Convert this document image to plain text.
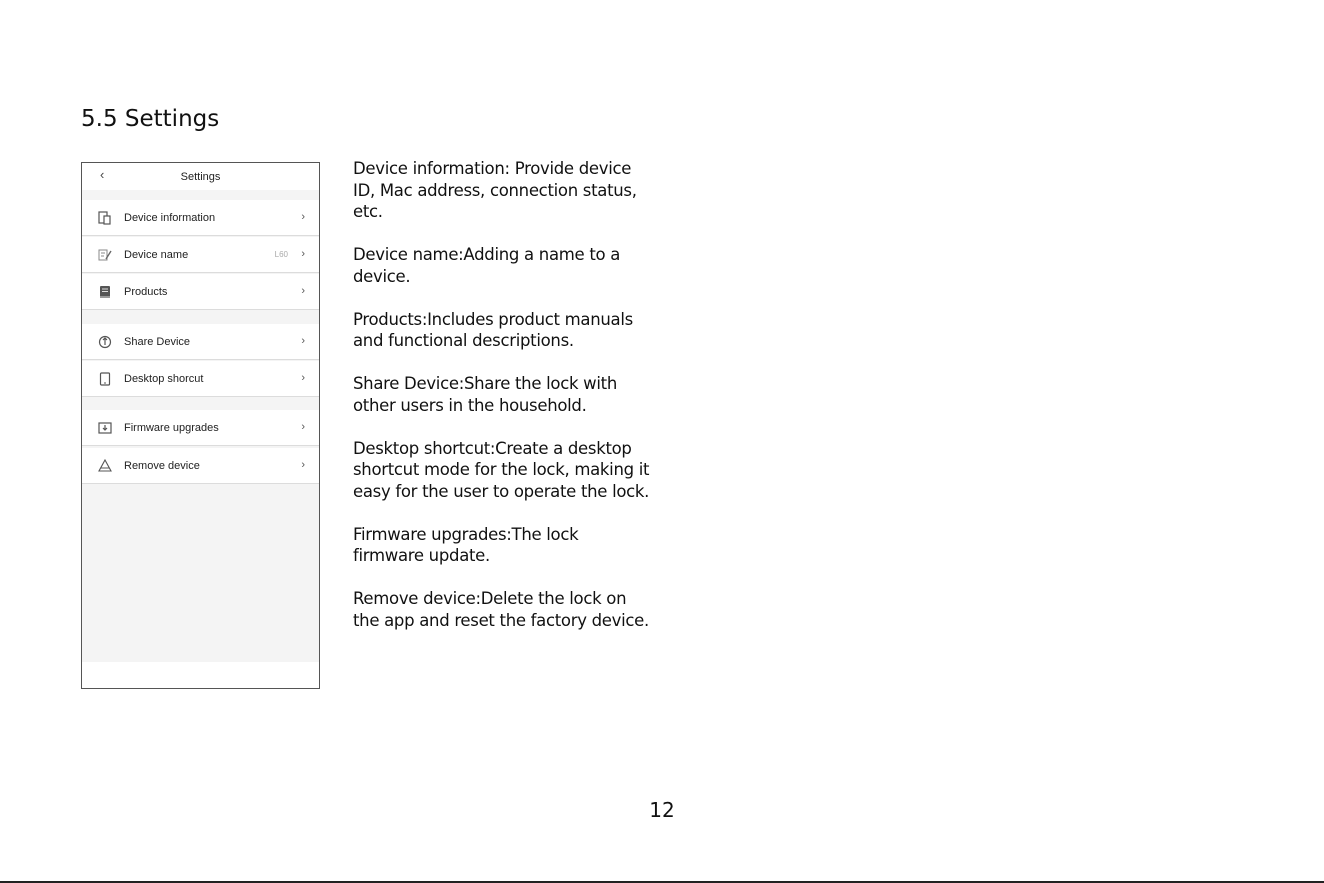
5.5 Settings
‹	Settings
Device information	›
Device name	L60 ›
Products	›
Share Device	›
Desktop shorcut	›
Firmware upgrades	›
Remove device	›

Device information: Provide device ID, Mac address, connection status, etc.

Device name:Adding a name to a device.

Products:Includes product manuals and functional descriptions.

Share Device:Share the lock with other users in the household.

Desktop shortcut:Create a desktop shortcut mode for the lock, making it easy for the user to operate the lock.

Firmware upgrades:The lock firmware update.

Remove device:Delete the lock on the app and reset the factory device.

12
